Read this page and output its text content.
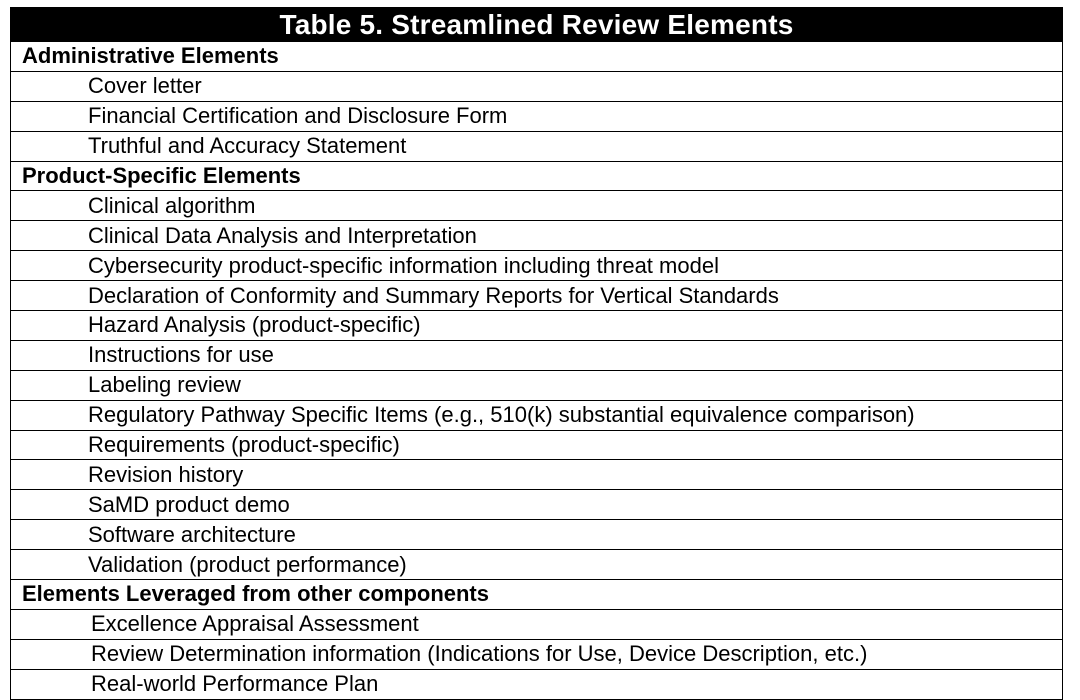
Table 5. Streamlined Review Elements
Administrative Elements
Cover letter
Financial Certification and Disclosure Form
Truthful and Accuracy Statement
Product-Specific Elements
Clinical algorithm
Clinical Data Analysis and Interpretation
Cybersecurity product-specific information including threat model
Declaration of Conformity and Summary Reports for Vertical Standards
Hazard Analysis (product-specific)
Instructions for use
Labeling review
Regulatory Pathway Specific Items (e.g., 510(k) substantial equivalence comparison)
Requirements (product-specific)
Revision history
SaMD product demo
Software architecture
Validation (product performance)
Elements Leveraged from other components
Excellence Appraisal Assessment
Review Determination information (Indications for Use, Device Description, etc.)
Real-world Performance Plan
